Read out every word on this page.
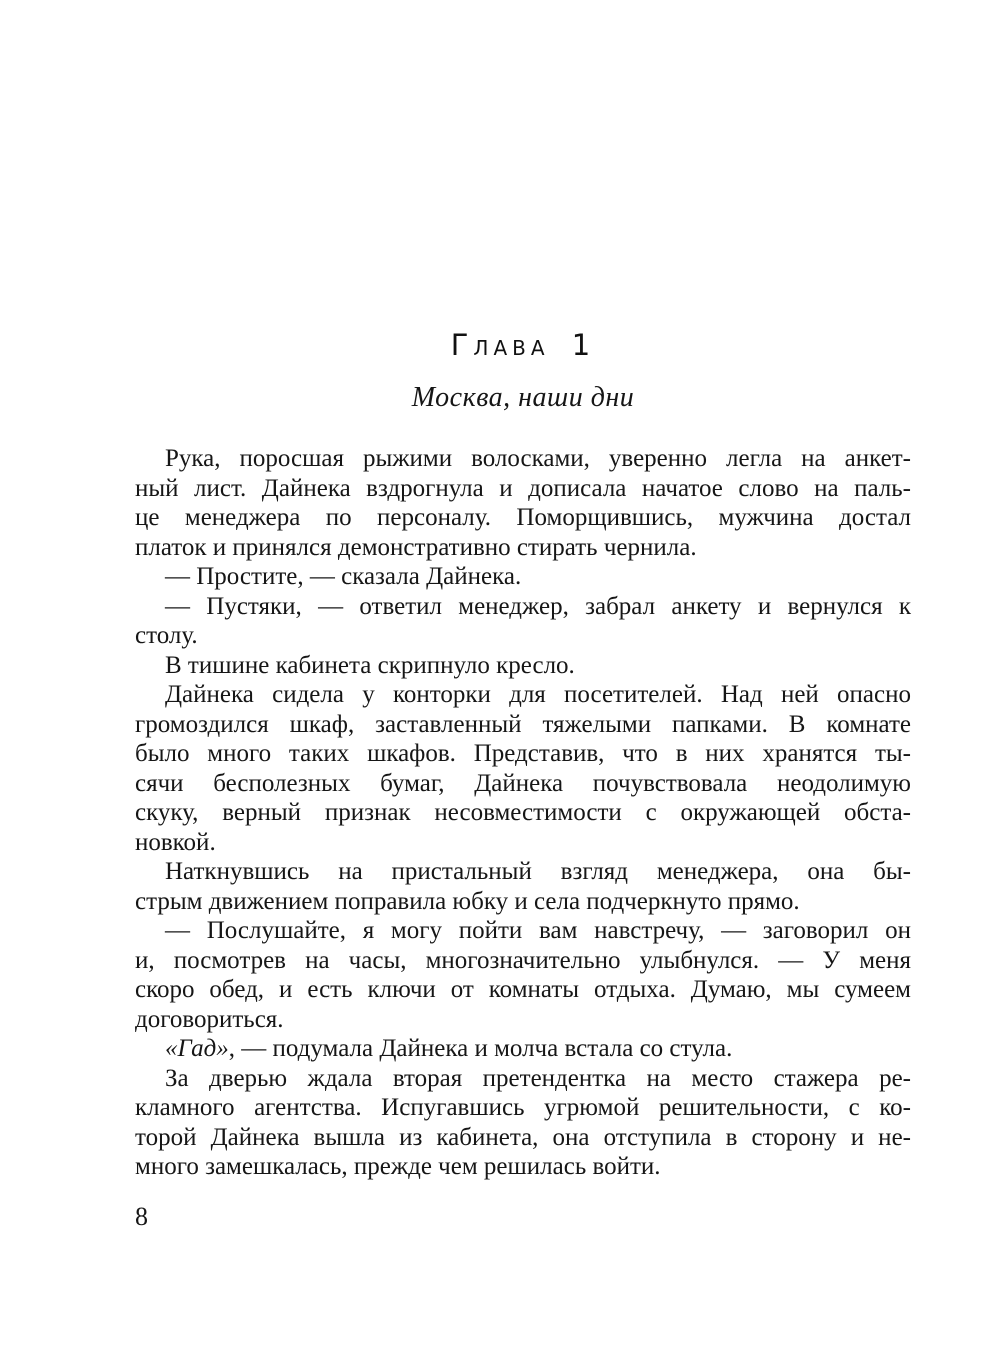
Глава 1
Москва, наши дни

Рука, поросшая рыжими волосками, уверенно легла на анкет-
ный лист. Дайнека вздрогнула и дописала начатое слово на паль-
це менеджера по персоналу. Поморщившись, мужчина достал
платок и принялся демонстративно стирать чернила.

— Простите, — сказала Дайнека.

— Пустяки, — ответил менеджер, забрал анкету и вернулся к
столу.

В тишине кабинета скрипнуло кресло.

Дайнека сидела у конторки для посетителей. Над ней опасно
громоздился шкаф, заставленный тяжелыми папками. В комнате
было много таких шкафов. Представив, что в них хранятся ты-
сячи бесполезных бумаг, Дайнека почувствовала неодолимую
скуку, верный признак несовместимости с окружающей обста-
новкой.

Наткнувшись на пристальный взгляд менеджера, она бы-
стрым движением поправила юбку и села подчеркнуто прямо.

— Послушайте, я могу пойти вам навстречу, — заговорил он
и, посмотрев на часы, многозначительно улыбнулся. — У меня
скоро обед, и есть ключи от комнаты отдыха. Думаю, мы сумеем
договориться.

«Гад», — подумала Дайнека и молча встала со стула.

За дверью ждала вторая претендентка на место стажера ре-
кламного агентства. Испугавшись угрюмой решительности, с ко-
торой Дайнека вышла из кабинета, она отступила в сторону и не-
много замешкалась, прежде чем решилась войти.

8
